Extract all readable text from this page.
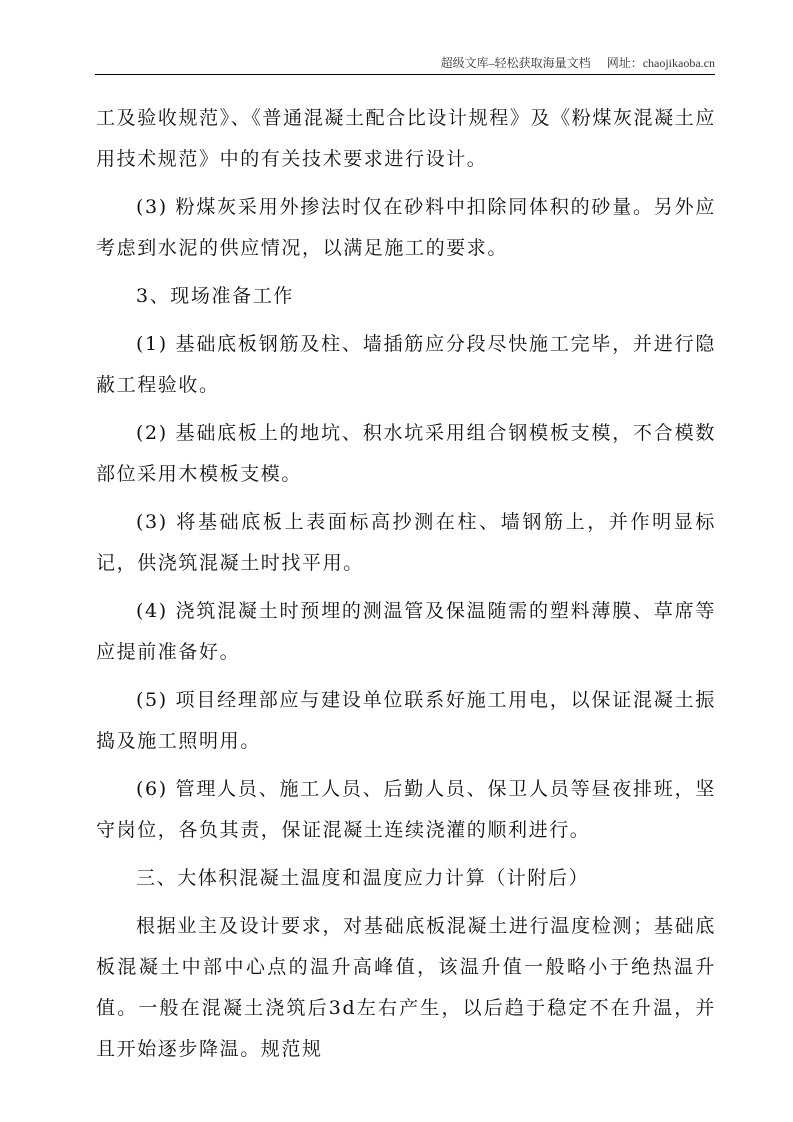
超级文库–轻松获取海量文档 网址：chaojikaoba.cn

工及验收规范》、《普通混凝土配合比设计规程》及《粉煤灰混凝土应用技术规范》中的有关技术要求进行设计。

(3) 粉煤灰采用外掺法时仅在砂料中扣除同体积的砂量。另外应考虑到水泥的供应情况，以满足施工的要求。

3、现场准备工作

(1) 基础底板钢筋及柱、墙插筋应分段尽快施工完毕，并进行隐蔽工程验收。

(2) 基础底板上的地坑、积水坑采用组合钢模板支模，不合模数部位采用木模板支模。

(3) 将基础底板上表面标高抄测在柱、墙钢筋上，并作明显标记，供浇筑混凝土时找平用。

(4) 浇筑混凝土时预埋的测温管及保温随需的塑料薄膜、草席等应提前准备好。

(5) 项目经理部应与建设单位联系好施工用电，以保证混凝土振捣及施工照明用。

(6) 管理人员、施工人员、后勤人员、保卫人员等昼夜排班，坚守岗位，各负其责，保证混凝土连续浇灌的顺利进行。

三、大体积混凝土温度和温度应力计算（计附后）

根据业主及设计要求，对基础底板混凝土进行温度检测；基础底板混凝土中部中心点的温升高峰值，该温升值一般略小于绝热温升值。一般在混凝土浇筑后3d左右产生，以后趋于稳定不在升温，并且开始逐步降温。规范规
